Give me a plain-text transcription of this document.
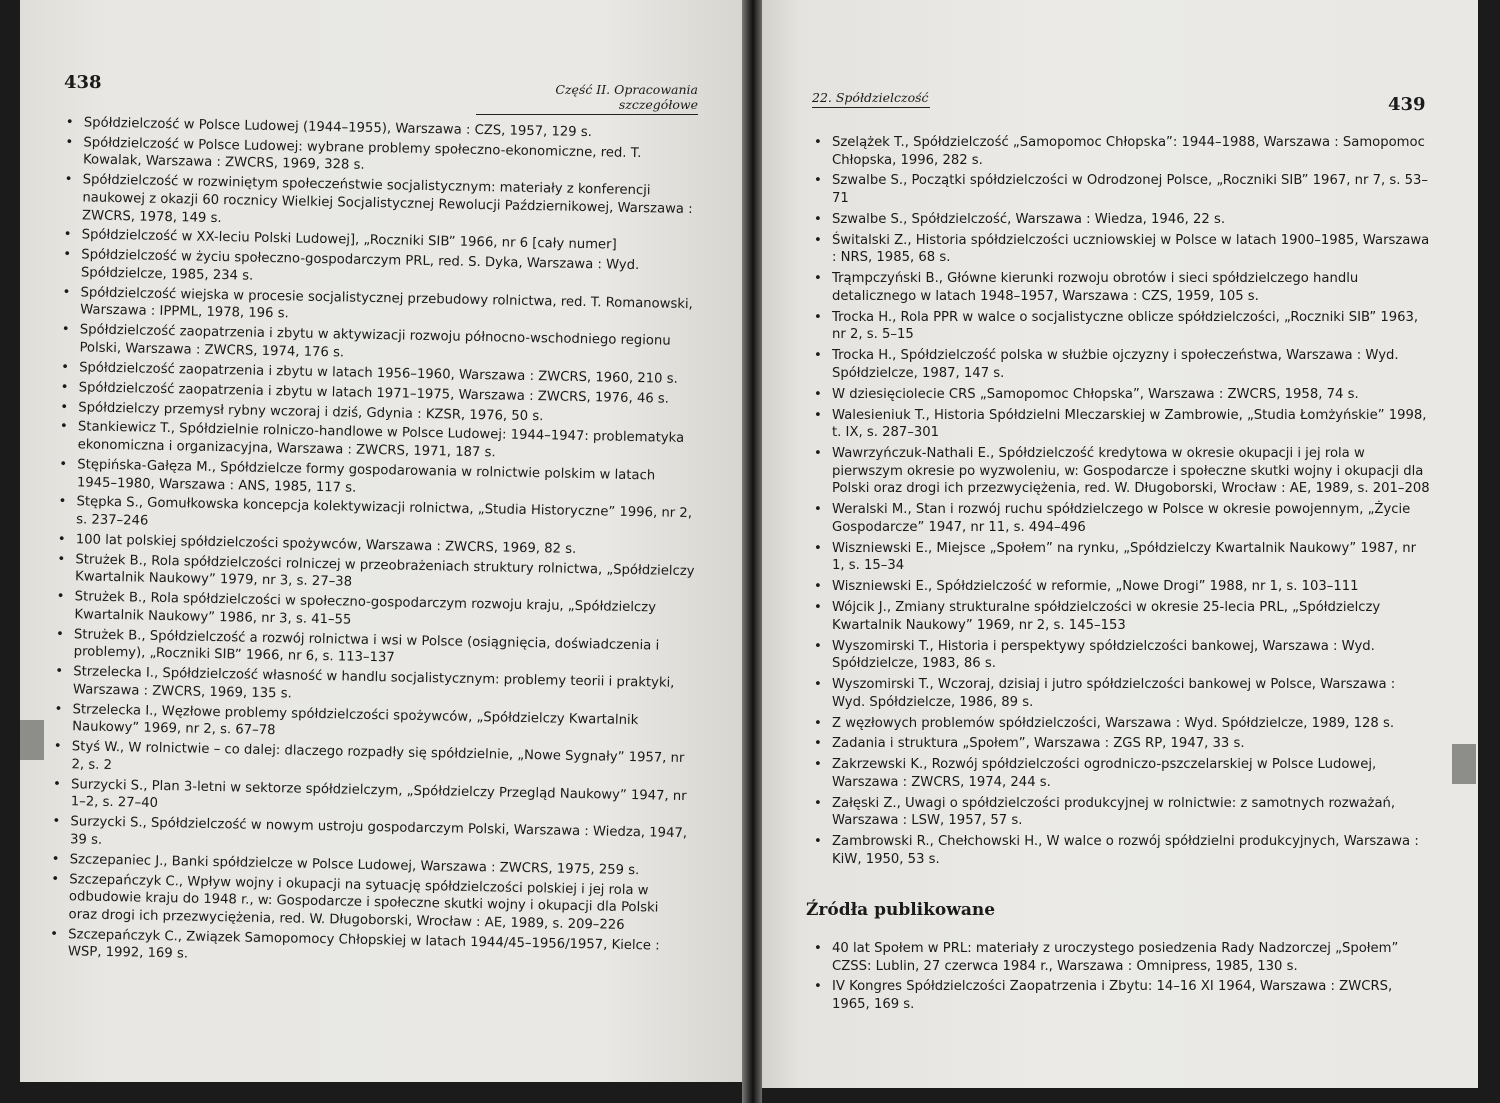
438	Część II. Opracowania szczegółowe	439
22. Spółdzielczość
• Spółdzielczość w Polsce Ludowej (1944–1955), Warszawa : CZS, 1957, 129 s.
• Spółdzielczość w Polsce Ludowej: wybrane problemy społeczno-ekonomiczne, red. T. Kowalak, Warszawa : ZWCRS, 1969, 328 s.
• Spółdzielczość w rozwiniętym społeczeństwie socjalistycznym: materiały z konferencji naukowej z okazji 60 rocznicy Wielkiej Socjalistycznej Rewolucji Październikowej, Warszawa : ZWCRS, 1978, 149 s.
• Spółdzielczość w XX-leciu Polski Ludowej], „Roczniki SIB” 1966, nr 6 [cały numer]
• Spółdzielczość w życiu społeczno-gospodarczym PRL, red. S. Dyka, Warszawa : Wyd. Spółdzielcze, 1985, 234 s.
• Spółdzielczość wiejska w procesie socjalistycznej przebudowy rolnictwa, red. T. Romanowski, Warszawa : IPPML, 1978, 196 s.
• Spółdzielczość zaopatrzenia i zbytu w aktywizacji rozwoju północno-wschodniego regionu Polski, Warszawa : ZWCRS, 1974, 176 s.
• Spółdzielczość zaopatrzenia i zbytu w latach 1956–1960, Warszawa : ZWCRS, 1960, 210 s.
• Spółdzielczość zaopatrzenia i zbytu w latach 1971–1975, Warszawa : ZWCRS, 1976, 46 s.
• Spółdzielczy przemysł rybny wczoraj i dziś, Gdynia : KZSR, 1976, 50 s.
• Stankiewicz T., Spółdzielnie rolniczo-handlowe w Polsce Ludowej: 1944–1947: problematyka ekonomiczna i organizacyjna, Warszawa : ZWCRS, 1971, 187 s.
• Stępińska-Gałęza M., Spółdzielcze formy gospodarowania w rolnictwie polskim w latach 1945–1980, Warszawa : ANS, 1985, 117 s.
• Stępka S., Gomułkowska koncepcja kolektywizacji rolnictwa, „Studia Historyczne” 1996, nr 2, s. 237–246
• 100 lat polskiej spółdzielczości spożywców, Warszawa : ZWCRS, 1969, 82 s.
• Strużek B., Rola spółdzielczości rolniczej w przeobrażeniach struktury rolnictwa, „Spółdzielczy Kwartalnik Naukowy” 1979, nr 3, s. 27–38
• Strużek B., Rola spółdzielczości w społeczno-gospodarczym rozwoju kraju, „Spółdzielczy Kwartalnik Naukowy” 1986, nr 3, s. 41–55
• Strużek B., Spółdzielczość a rozwój rolnictwa i wsi w Polsce (osiągnięcia, doświadczenia i problemy), „Roczniki SIB” 1966, nr 6, s. 113–137
• Strzelecka I., Spółdzielczość własność w handlu socjalistycznym: problemy teorii i praktyki, Warszawa : ZWCRS, 1969, 135 s.
• Strzelecka I., Węzłowe problemy spółdzielczości spożywców, „Spółdzielczy Kwartalnik Naukowy” 1969, nr 2, s. 67–78
• Styś W., W rolnictwie – co dalej: dlaczego rozpadły się spółdzielnie, „Nowe Sygnały” 1957, nr 2, s. 2
• Surzycki S., Plan 3-letni w sektorze spółdzielczym, „Spółdzielczy Przegląd Naukowy” 1947, nr 1–2, s. 27–40
• Surzycki S., Spółdzielczość w nowym ustroju gospodarczym Polski, Warszawa : Wiedza, 1947, 39 s.
• Szczepaniec J., Banki spółdzielcze w Polsce Ludowej, Warszawa : ZWCRS, 1975, 259 s.
• Szczepańczyk C., Wpływ wojny i okupacji na sytuację spółdzielczości polskiej i jej rola w odbudowie kraju do 1948 r., w: Gospodarcze i społeczne skutki wojny i okupacji dla Polski oraz drogi ich przezwyciężenia, red. W. Długoborski, Wrocław : AE, 1989, s. 209–226
• Szczepańczyk C., Związek Samopomocy Chłopskiej w latach 1944/45–1956/1957, Kielce : WSP, 1992, 169 s.
• Szelążek T., Spółdzielczość „Samopomoc Chłopska”: 1944–1988, Warszawa : Samopomoc Chłopska, 1996, 282 s.
• Szwalbe S., Początki spółdzielczości w Odrodzonej Polsce, „Roczniki SIB” 1967, nr 7, s. 53–71
• Szwalbe S., Spółdzielczość, Warszawa : Wiedza, 1946, 22 s.
• Świtalski Z., Historia spółdzielczości uczniowskiej w Polsce w latach 1900–1985, Warszawa : NRS, 1985, 68 s.
• Trąmpczyński B., Główne kierunki rozwoju obrotów i sieci spółdzielczego handlu detalicznego w latach 1948–1957, Warszawa : CZS, 1959, 105 s.
• Trocka H., Rola PPR w walce o socjalistyczne oblicze spółdzielczości, „Roczniki SIB” 1963, nr 2, s. 5–15
• Trocka H., Spółdzielczość polska w służbie ojczyzny i społeczeństwa, Warszawa : Wyd. Spółdzielcze, 1987, 147 s.
• W dziesięciolecie CRS „Samopomoc Chłopska”, Warszawa : ZWCRS, 1958, 74 s.
• Walesieniuk T., Historia Spółdzielni Mleczarskiej w Zambrowie, „Studia Łomżyńskie” 1998, t. IX, s. 287–301
• Wawrzyńczuk-Nathali E., Spółdzielczość kredytowa w okresie okupacji i jej rola w pierwszym okresie po wyzwoleniu, w: Gospodarcze i społeczne skutki wojny i okupacji dla Polski oraz drogi ich przezwyciężenia, red. W. Długoborski, Wrocław : AE, 1989, s. 201–208
• Weralski M., Stan i rozwój ruchu spółdzielczego w Polsce w okresie powojennym, „Życie Gospodarcze” 1947, nr 11, s. 494–496
• Wiszniewski E., Miejsce „Społem” na rynku, „Spółdzielczy Kwartalnik Naukowy” 1987, nr 1, s. 15–34
• Wiszniewski E., Spółdzielczość w reformie, „Nowe Drogi” 1988, nr 1, s. 103–111
• Wójcik J., Zmiany strukturalne spółdzielczości w okresie 25-lecia PRL, „Spółdzielczy Kwartalnik Naukowy” 1969, nr 2, s. 145–153
• Wyszomirski T., Historia i perspektywy spółdzielczości bankowej, Warszawa : Wyd. Spółdzielcze, 1983, 86 s.
• Wyszomirski T., Wczoraj, dzisiaj i jutro spółdzielczości bankowej w Polsce, Warszawa : Wyd. Spółdzielcze, 1986, 89 s.
• Z węzłowych problemów spółdzielczości, Warszawa : Wyd. Spółdzielcze, 1989, 128 s.
• Zadania i struktura „Społem”, Warszawa : ZGS RP, 1947, 33 s.
• Zakrzewski K., Rozwój spółdzielczości ogrodniczo-pszczelarskiej w Polsce Ludowej, Warszawa : ZWCRS, 1974, 244 s.
• Załęski Z., Uwagi o spółdzielczości produkcyjnej w rolnictwie: z samotnych rozważań, Warszawa : LSW, 1957, 57 s.
• Zambrowski R., Chełchowski H., W walce o rozwój spółdzielni produkcyjnych, Warszawa : KiW, 1950, 53 s.
Źródła publikowane
• 40 lat Społem w PRL: materiały z uroczystego posiedzenia Rady Nadzorczej „Społem” CZSS: Lublin, 27 czerwca 1984 r., Warszawa : Omnipress, 1985, 130 s.
• IV Kongres Spółdzielczości Zaopatrzenia i Zbytu: 14–16 XI 1964, Warszawa : ZWCRS, 1965, 169 s.
